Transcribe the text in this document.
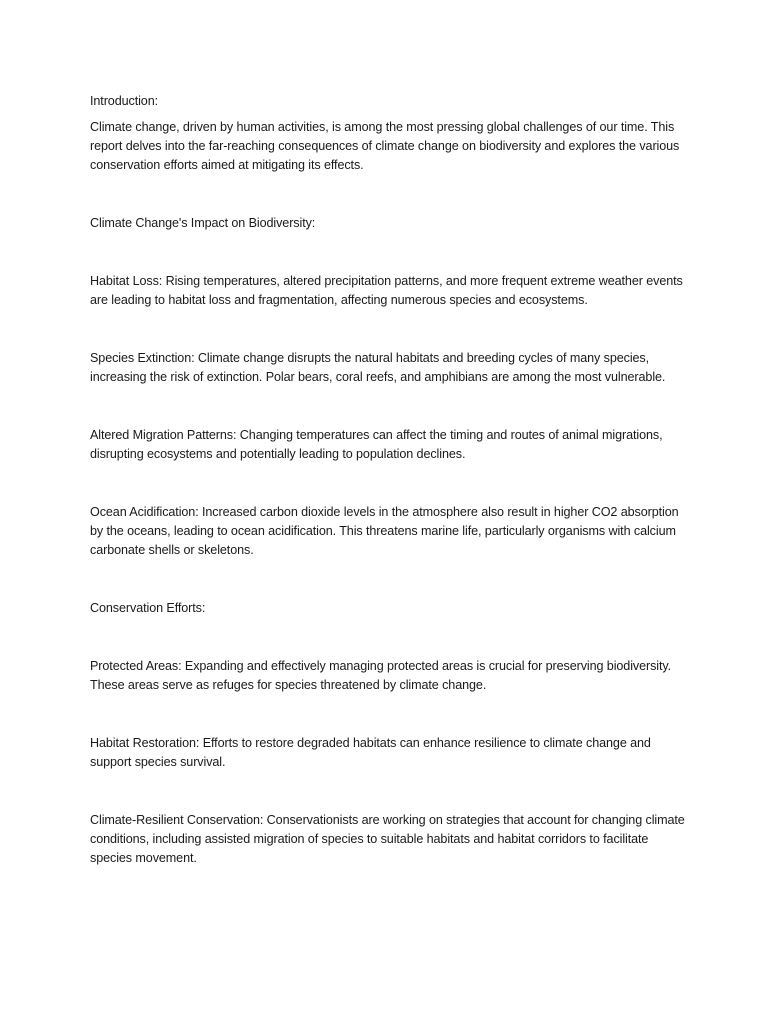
Introduction:

Climate change, driven by human activities, is among the most pressing global challenges of our time. This report delves into the far-reaching consequences of climate change on biodiversity and explores the various conservation efforts aimed at mitigating its effects.

Climate Change's Impact on Biodiversity:

Habitat Loss: Rising temperatures, altered precipitation patterns, and more frequent extreme weather events are leading to habitat loss and fragmentation, affecting numerous species and ecosystems.

Species Extinction: Climate change disrupts the natural habitats and breeding cycles of many species, increasing the risk of extinction. Polar bears, coral reefs, and amphibians are among the most vulnerable.

Altered Migration Patterns: Changing temperatures can affect the timing and routes of animal migrations, disrupting ecosystems and potentially leading to population declines.

Ocean Acidification: Increased carbon dioxide levels in the atmosphere also result in higher CO2 absorption by the oceans, leading to ocean acidification. This threatens marine life, particularly organisms with calcium carbonate shells or skeletons.

Conservation Efforts:

Protected Areas: Expanding and effectively managing protected areas is crucial for preserving biodiversity. These areas serve as refuges for species threatened by climate change.

Habitat Restoration: Efforts to restore degraded habitats can enhance resilience to climate change and support species survival.

Climate-Resilient Conservation: Conservationists are working on strategies that account for changing climate conditions, including assisted migration of species to suitable habitats and habitat corridors to facilitate species movement.
